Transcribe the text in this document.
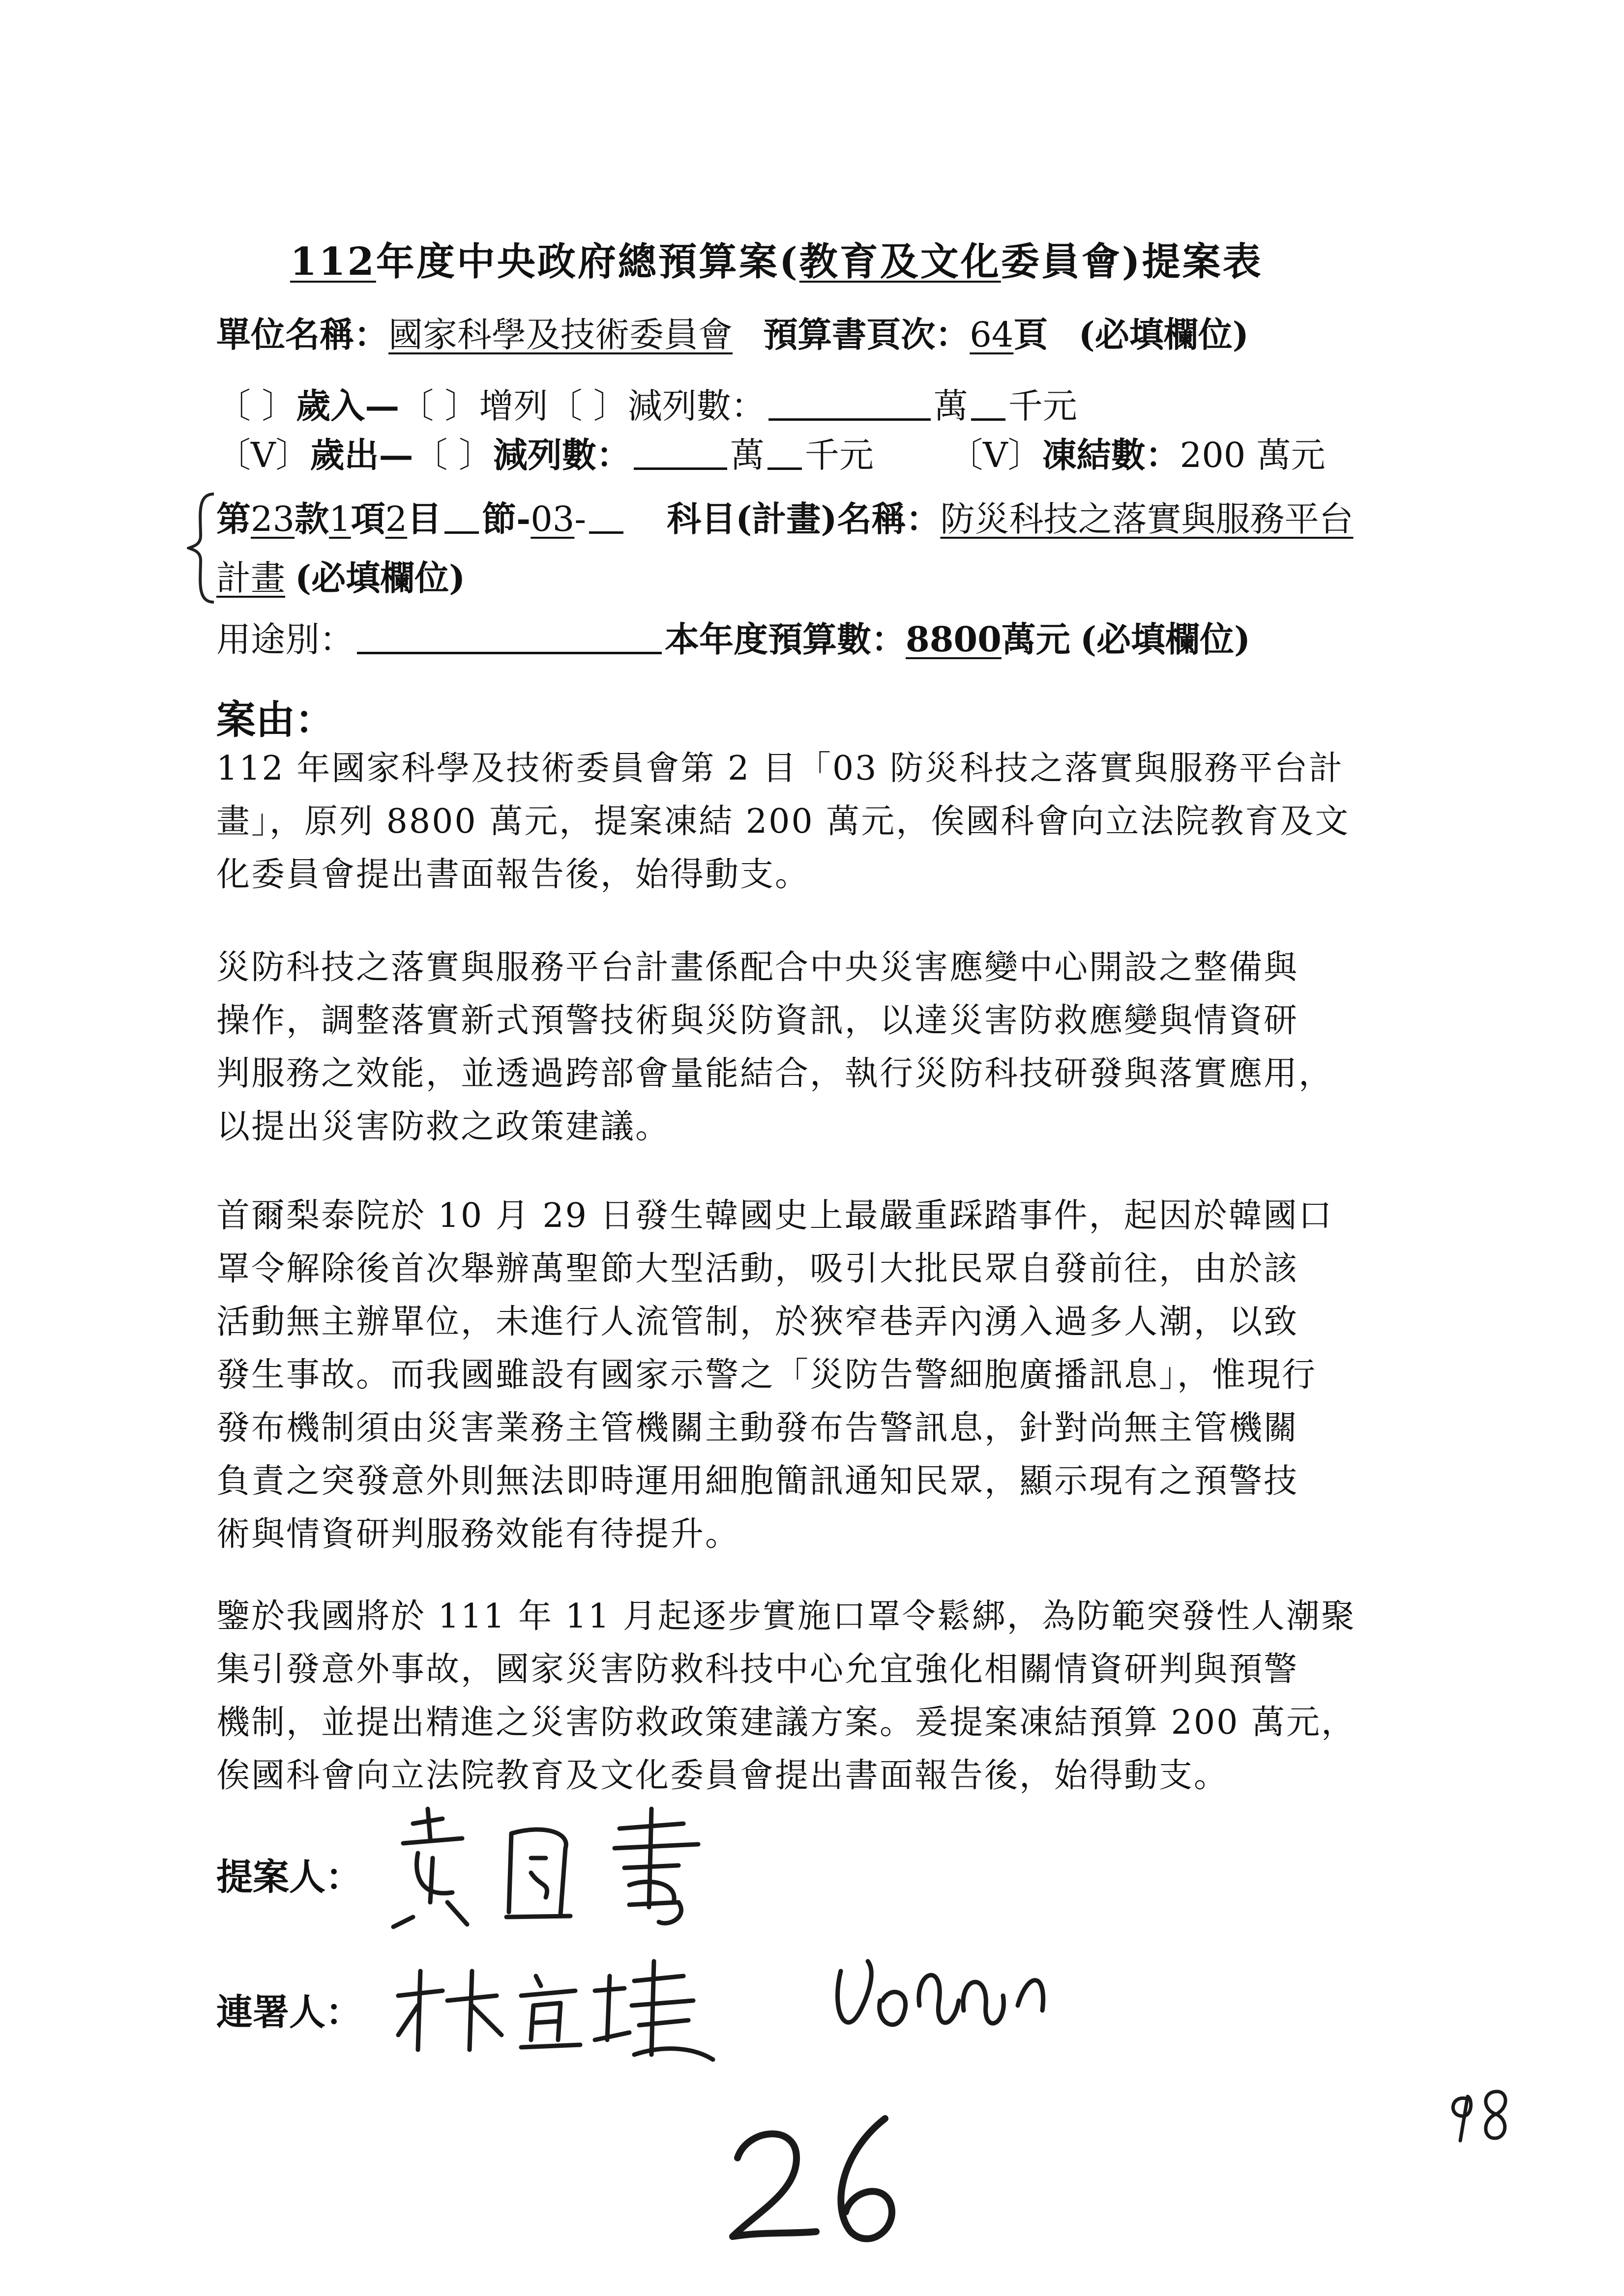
112年度中央政府總預算案(教育及文化委員會)提案表
單位名稱：國家科學及技術委員會 預算書頁次：64頁 (必填欄位)
〔 〕歲入—〔 〕增列〔 〕減列數：	萬 千元
〔V〕歲出—〔 〕減列數：	萬 千元 〔V〕凍結數：200 萬元
第23款1項2目 節-03- 科目(計畫)名稱：防災科技之落實與服務平台
計畫 (必填欄位)
用途別：	本年度預算數：8800萬元 (必填欄位)
案由：
112 年國家科學及技術委員會第 2 目「03 防災科技之落實與服務平台計
畫」，原列 8800 萬元，提案凍結 200 萬元，俟國科會向立法院教育及文
化委員會提出書面報告後，始得動支。
災防科技之落實與服務平台計畫係配合中央災害應變中心開設之整備與
操作，調整落實新式預警技術與災防資訊，以達災害防救應變與情資研
判服務之效能，並透過跨部會量能結合，執行災防科技研發與落實應用，
以提出災害防救之政策建議。
首爾梨泰院於 10 月 29 日發生韓國史上最嚴重踩踏事件，起因於韓國口
罩令解除後首次舉辦萬聖節大型活動，吸引大批民眾自發前往，由於該
活動無主辦單位，未進行人流管制，於狹窄巷弄內湧入過多人潮，以致
發生事故。而我國雖設有國家示警之「災防告警細胞廣播訊息」，惟現行
發布機制須由災害業務主管機關主動發布告警訊息，針對尚無主管機關
負責之突發意外則無法即時運用細胞簡訊通知民眾，顯示現有之預警技
術與情資研判服務效能有待提升。
鑒於我國將於 111 年 11 月起逐步實施口罩令鬆綁，為防範突發性人潮聚
集引發意外事故，國家災害防救科技中心允宜強化相關情資研判與預警
機制，並提出精進之災害防救政策建議方案。爰提案凍結預算 200 萬元，
俟國科會向立法院教育及文化委員會提出書面報告後，始得動支。
提案人：
連署人：
